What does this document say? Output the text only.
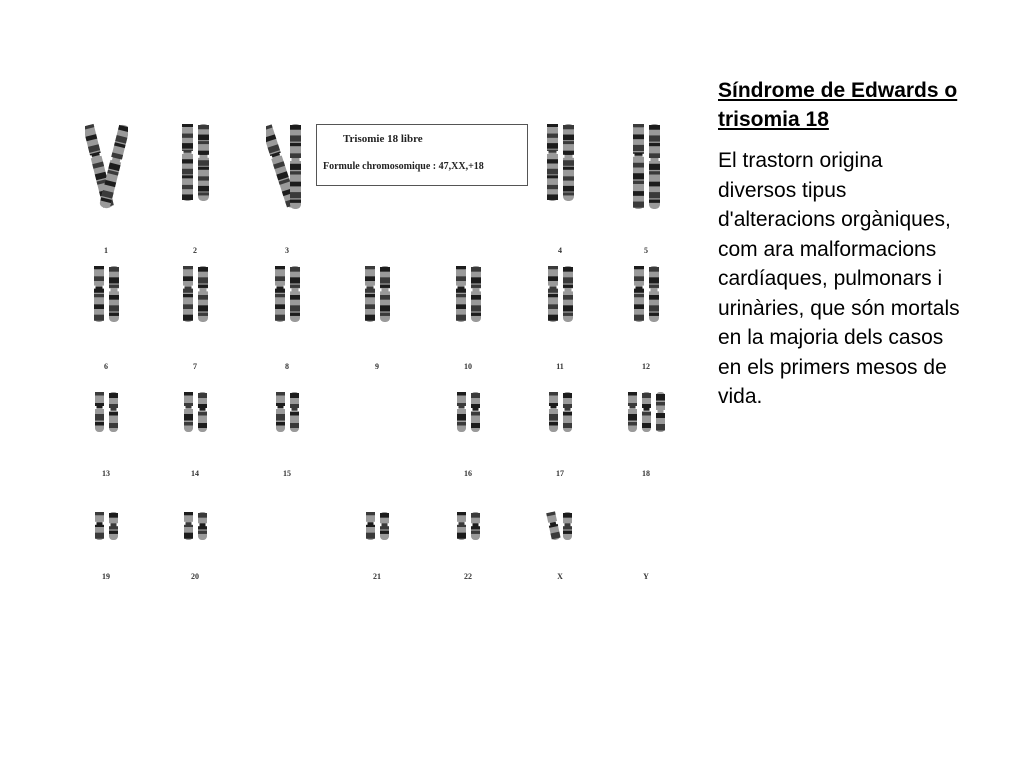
1	2	3	4	5
6	7	8	9	10	11	12
13	14	15	16	17	18
19	20	21	22	X	Y
Trisomie 18 libre
Formule chromosomique : 47,XX,+18
Síndrome de Edwards o trisomia 18

El trastorn origina diversos tipus d'alteracions orgàniques, com ara malformacions cardíaques, pulmonars i urinàries, que són mortals en la majoria dels casos en els primers mesos de vida.
